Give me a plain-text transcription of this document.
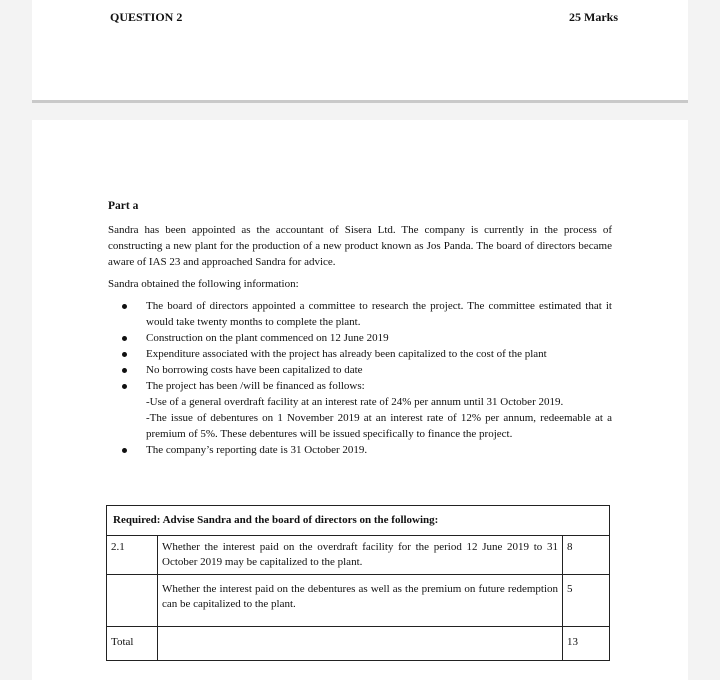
QUESTION 2	25 Marks

Part a

Sandra has been appointed as the accountant of Sisera Ltd. The company is currently in the process of constructing a new plant for the production of a new product known as Jos Panda. The board of directors became aware of IAS 23 and approached Sandra for advice.

Sandra obtained the following information:

The board of directors appointed a committee to research the project. The committee estimated that it would take twenty months to complete the plant.
Construction on the plant commenced on 12 June 2019
Expenditure associated with the project has already been capitalized to the cost of the plant
No borrowing costs have been capitalized to date
The project has been /will be financed as follows:

-Use of a general overdraft facility at an interest rate of 24% per annum until 31 October 2019.

-The issue of debentures on 1 November 2019 at an interest rate of 12% per annum, redeemable at a premium of 5%. These debentures will be issued specifically to finance the project.

The company’s reporting date is 31 October 2019.
Required: Advise Sandra and the board of directors on the following:		
2.1	Whether the interest paid on the overdraft facility for the period 12 June 2019 to 31 October 2019 may be capitalized to the plant.	8
	Whether the interest paid on the debentures as well as the premium on future redemption can be capitalized to the plant.	5
Total		13
